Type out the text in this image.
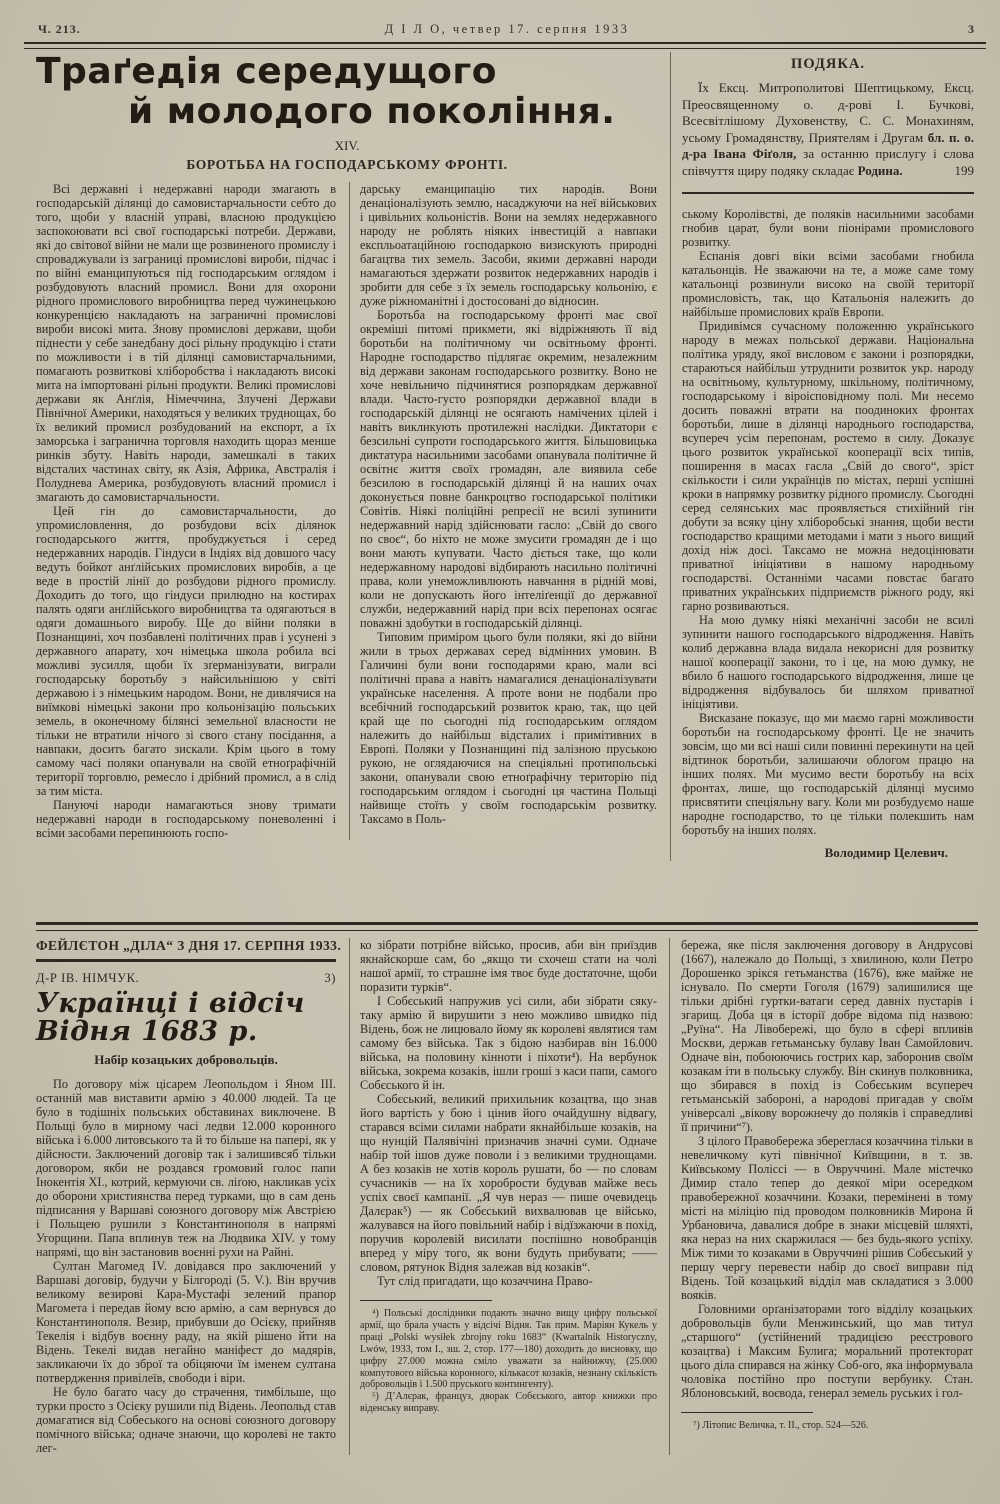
Ч. 213.	Д І Л О, четвер 17. серпня 1933	3
Траґедія середущого
й молодого покоління.
XIV.
БОРОТЬБА НА ГОСПОДАРСЬКОМУ ФРОНТІ.

Всі державні і недержавні народи змагають в господарській ділянці до самовистарчальности себто до того, щоби у власній управі, власною продукцією заспокоювати всі свої господарські потреби. Держави, які до світової війни не мали ще розвиненого промислу і спроваджували із заграниці промислові вироби, підчас і по війні еманципуються під господарським оглядом і розбудовують власний промисл. Вони для охорони рідного промислового виробництва перед чужинецькою конкуренцією накладають на заграничні промислові вироби високі мита. Знову промислові держави, щоби піднести у себе занедбану досі рільну продукцію і стати по можливости і в тій ділянці самовистарчальними, помагають розвиткові хліборобства і накладають високі мита на імпортовані рільні продукти. Великі промислові держави як Анґлія, Німеччина, Злучені Держави Північної Америки, находяться у великих труднощах, бо їх великий промисл розбудований на експорт, а їх заморська і загранична торговля находить щораз менше ринків збуту. Навіть народи, замешкалі в таких відсталих частинах світу, як Азія, Африка, Австралія і Полуднева Америка, розбудовують власний промисл і змагають до самовистарчальности.

Цей гін до самовистарчальности, до упромисловлення, до розбудови всіх ділянок господарського життя, пробуджується і серед недержавних народів. Гіндуси в Індіях від довшого часу ведуть бойкот анґлійських промислових виробів, а це веде в простій лінії до розбудови рідного промислу. Доходить до того, що гіндуси прилюдно на костирах палять одяги анґлійського виробництва та одягаються в одяги домашнього виробу. Ще до війни поляки в Познанщині, хоч позбавлені політичних прав і усунені з державного апарату, хоч німецька школа робила всі можливі зусилля, щоби їх зґерманізувати, виграли господарську боротьбу з найсильнішою у світі державою і з німецьким народом. Вони, не дивлячися на виїмкові німецькі закони про кольонізацію польських земель, в оконечному білянсі земельної власности не тільки не втратили нічого зі свого стану посідання, а навпаки, досить багато зискали. Крім цього в тому самому часі поляки опанували на своїй етноґрафічній території торговлю, ремесло і дрібний промисл, а в слід за тим міста.

Пануючі народи намагаються знову тримати недержавні народи в господарському поневоленні і всіми засобами перепинюють госпо-

дарську еманципацію тих народів. Вони денаціоналізують землю, насаджуючи на неї військових і цивільних кольоністів. Вони на землях недержавного народу не роблять ніяких інвестицій а навпаки експльоатаційною господаркою визискують природні багацтва тих земель. Засоби, якими державні народи намагаються здержати розвиток недержавних народів і зробити для себе з їх земель господарську кольонію, є дуже ріжноманітні і достосовані до відносин.

Боротьба на господарському фронті має свої окреміші питомі прикмети, які відріжняють її від боротьби на політичному чи освітньому фронті. Народне господарство підлягає окремим, незалежним від держави законам господарського розвитку. Воно не хоче невільничо підчинятися розпорядкам державної влади. Часто-густо розпорядки державної влади в господарській ділянці не осягають намічених цілей і навіть викликують протилежні наслідки. Диктатори є безсильні супроти господарського життя. Більшовицька диктатура насильними засобами опанувала політичне й освітнє життя своїх громадян, але виявила себе безсилою в господарській ділянці й на наших очах доконується повне банкроцтво господарської політики Совітів. Ніякі поліційні репресії не всилі зупинити недержавний нарід здійснювати гасло: „Свій до свого по своє“, бо ніхто не може змусити громадян де і що вони мають купувати. Часто діється таке, що коли недержавному народові відбирають насильно політичні права, коли унеможливлюють навчання в рідній мові, коли не допускають його інтеліґенції до державної служби, недержавний нарід при всіх перепонах осягає поважні здобутки в господарській ділянці.

Типовим приміром цього були поляки, які до війни жили в трьох державах серед відмінних умовин. В Галичині були вони господарями краю, мали всі політичні права а навіть намагалися денаціоналізувати українське населення. А проте вони не подбали про всебічний господарський розвиток краю, так, що цей край ще по сьогодні під господарським оглядом належить до найбільш відсталих і примітивних в Европі. Поляки у Познанщині під залізною пруською рукою, не оглядаючися на спеціяльні протипольські закони, опанували свою етноґрафічну територію під господарським оглядом і сьогодні ця частина Польщі найвище стоїть у своїм господарськім розвитку. Таксамо в Поль-

ПОДЯКА.

Їх Ексц. Митрополитові Шептицькому, Ексц. Преосвященному о. д-рові І. Бучкові, Всесвітлішому Духовенству, С. С. Монахиням, усьому Громадянству, Приятелям і Другам бл. п. о. д-ра Івана Фіґоля, за останню прислугу і слова співчуття щиру подяку складає Родина.	199

ському Королівстві, де поляків насильними засобами гнобив царат, були вони піонірами промислового розвитку.

Еспанія довгі віки всіми засобами гнобила катальонців. Не зважаючи на те, а може саме тому катальонці розвинули високо на своїй території промисловість, так, що Катальонія належить до найбільше промислових країв Европи.

Придивімся сучасному положенню українського народу в межах польської держави. Національна політика уряду, якої висловом є закони і розпорядки, стараються найбільш утруднити розвиток укр. народу на освітньому, культурному, шкільному, політичному, господарському і віроісповідному полі. Ми несемо досить поважні втрати на поодиноких фронтах боротьби, лише в ділянці народнього господарства, всупереч усім перепонам, ростемо в силу. Доказує цього розвиток української кооперації всіх типів, поширення в масах гасла „Свій до свого“, зріст скількости і сили українців по містах, перші успішні кроки в напрямку розвитку рідного промислу. Сьогодні серед селянських мас проявляється стихійний гін добути за всяку ціну хліборобські знання, щоби вести господарство кращими методами і мати з нього вищий дохід ніж досі. Таксамо не можна недоцінювати приватної ініціятиви в нашому народньому господарстві. Останніми часами повстає багато приватних українських підприємств ріжного роду, які гарно розвиваються.

На мою думку ніякі механічні засоби не всилі зупинити нашого господарського відродження. Навіть колиб державна влада видала некорисні для розвитку нашої кооперації закони, то і це, на мою думку, не вбило б нашого господарського відродження, лише це відродження відбувалось би шляхом приватної ініціятиви.

Висказане показує, що ми маємо гарні можливости боротьби на господарському фронті. Це не значить зовсім, що ми всі наші сили повинні перекинути на цей відтинок боротьби, залишаючи облогом працю на інших полях. Ми мусимо вести боротьбу на всіх фронтах, лише, що господарській ділянці мусимо присвятити спеціяльну вагу. Коли ми розбудуємо наше народне господарство, то це тільки полекшить нам боротьбу на інших полях.

Володимир Целевич.
ФЕЙЛЄТОН „ДІЛА“ З ДНЯ 17. СЕРПНЯ 1933.
Д-Р ІВ. НІМЧУК.	3)
Українці і відсіч Відня 1683 р.
Набір козацьких добровольців.

По договору між цісарем Леопольдом і Яном ІІІ. останній мав виставити армію з 40.000 людей. Та це було в тодішніх польських обставинах виключене. В Польщі було в мирному часі ледви 12.000 коронного війська і 6.000 литовського та й то більше на папері, як у дійсности. Заключений договір так і залишивсяб тільки договором, якби не роздався громовий голос папи Інокентія XI., котрий, кермуючи св. ліґою, накликав усіх до оборони християнства перед турками, що в сам день підписання у Варшаві союзного договору між Австрією і Польщею рушили з Константинополя в напрямі Угорщини. Папа вплинув теж на Людвика XIV. у тому напрямі, що він застановив воєнні рухи на Райні.

Султан Магомед IV. довідався про заключений у Варшаві договір, будучи у Білгороді (5. V.). Він вручив великому везирові Кара-Мустафі зелений прапор Магомета і передав йому всю армію, а сам вернувся до Константинополя. Везир, прибувши до Осієку, прийняв Текелія і відбув воєнну раду, на якій рішено йти на Відень. Текелі видав негайно маніфест до мадярів, закликаючи їх до зброї та обіцяючи їм іменем султана потвердження привілеїв, свободи і віри.

Не було багато часу до страчення, тимбільше, що турки просто з Осієку рушили під Відень. Леопольд став домагатися від Собеського на основі союзного договору помічного війська; одначе знаючи, що королеві не такто лег-

ко зібрати потрібне військо, просив, аби він приїздив якнайскорше сам, бо „якщо ти схочеш стати на чолі нашої армії, то страшне імя твоє буде достаточне, щоби поразити турків“.

І Собєський напружив усі сили, аби зібрати сяку-таку армію й вирушити з нею можливо швидко під Відень, бож не лицювало йому як королеві являтися там самому без війська. Так з бідою назбирав він 16.000 війська, на половину кінноти і піхоти⁴). На вербунок війська, зокрема козаків, ішли гроші з каси папи, самого Собєського й ін.

Собєський, великий прихильник козацтва, що знав його вартість у бою і цінив його очайдушну відвагу, старався всіми силами набрати якнайбільше козаків, на що нунцій Палявічіні призначив значні суми. Одначе набір той ішов дуже поволи і з великими труднощами. А без козаків не хотів король рушати, бо — по словам сучасників — на їх хоробрости будував майже весь успіх своєї кампанії. „Я чув нераз — пише очевидець Далєрак⁵) — як Собєський вихвалював це військо, жалувався на його повільний набір і відїзжаючи в похід, поручив королевій висилати поспішно новобранців вперед у міру того, як вони будуть прибувати; —— словом, рятунок Відня залежав від козаків“.

Тут слід пригадати, що козаччина Право-

⁴) Польські дослідники подають значно вищу цифру польської армії, що брала участь у відсічі Відня. Так прим. Маріян Кукель у праці „Polski wysiłek zbrojny roku 1683“ (Kwartalnik Historyczny, Lwów, 1933, том І., зш. 2, стор. 177—180) доходить до висновку, що цифру 27.000 можна сміло уважати за найнижчу, (25.000 компутового війська коронного, кількасот козаків, незнану скількість добровольців і 1.500 пруського контингенту).

⁵) Д’Алєрак, француз, дворак Собєського, автор книжки про віденську виправу.

бережа, яке після заключення договору в Андрусові (1667), належало до Польщі, з хвилиною, коли Петро Дорошенко зрікся гетьманства (1676), вже майже не існувало. По смерти Гоголя (1679) залишилися ще тільки дрібні гуртки-ватаги серед давніх пустарів і згарищ. Доба ця в історії добре відома під назвою: „Руїна“. На Лівобережі, що було в сфері впливів Москви, держав гетьманську булаву Іван Самойлович. Одначе він, побоюючись гострих кар, заборонив своїм козакам іти в польську службу. Він скинув полковника, що збирався в похід із Собєським всупереч гетьманській забороні, а народові пригадав у своїм універсалі „вікову ворожнечу до поляків і справедливі її причини“⁷).

З цілого Правобережа збереглася козаччина тільки в невеличкому куті північної Київщини, в т. зв. Київському Поліссі — в Овруччині. Мале містечко Димир стало тепер до деякої міри осередком правобережної козаччини. Козаки, перемінені в тому місті на міліцію під проводом полковників Мирона й Урбановича, давалися добре в знаки місцевій шляхті, яка нераз на них скаржилася — без будь-якого успіху. Між тими то козаками в Овруччині рішив Собєський у першу чергу перевести набір до своєї виправи під Відень. Той козацький відділ мав складатися з 3.000 вояків.

Головними орґанізаторами того відділу козацьких добровольців були Менжинський, що мав титул „старшого“ (устійнений традицією реєстрового козацтва) і Максим Булига; моральний протекторат цього діла спирався на жінку Соб-ого, яка інформувала чоловіка постійно про поступи вербунку. Стан. Яблоновський, воєвода, генерал земель руських і гол-

⁷) Літопис Величка, т. ІІ., стор. 524—526.
